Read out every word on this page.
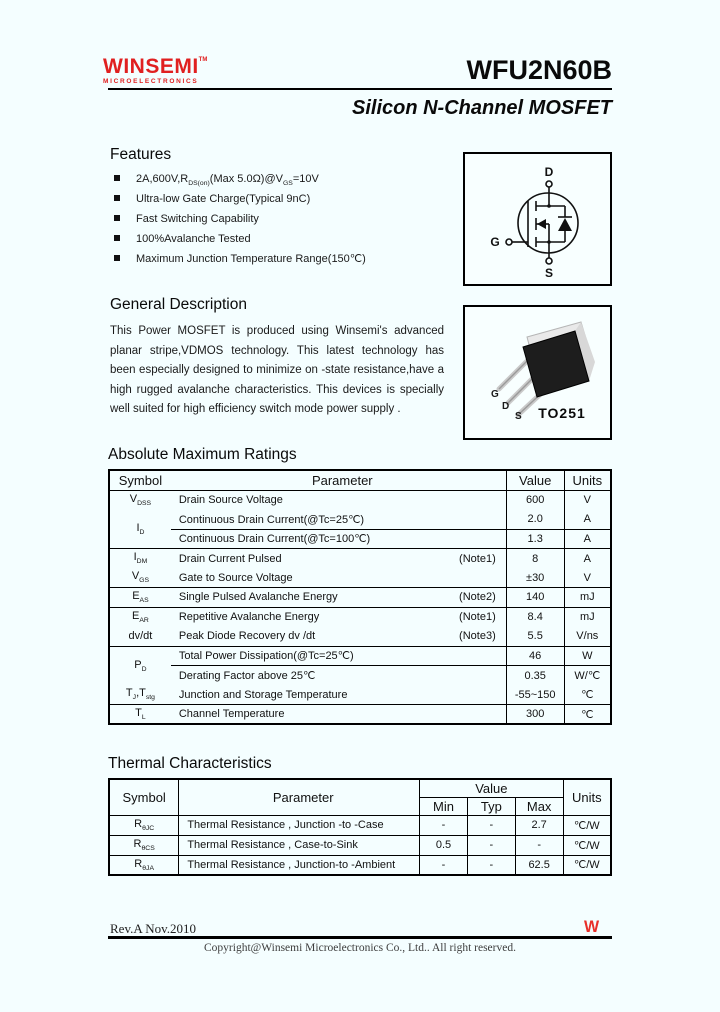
WINSEMI™
MICROELECTRONICS	WFU2N60B
Silicon N-Channel MOSFET
Features
$2A,600V,R_{DS(on)}(Max$ $5.0\Omega)@V_{GS}=10V$
Ultra-low Gate Charge(Typical 9nC)
Fast Switching Capability
100%Avalanche Tested
Maximum Junction Temperature Range(150℃)
D
G
S
General Description

This Power MOSFET is produced using Winsemi's advanced planar stripe,VDMOS technology. This latest technology has been especially designed to minimize on -state resistance,have a high rugged avalanche characteristics. This devices is specially well suited for high efficiency switch mode power supply .

G
D
S TO251
Absolute Maximum Ratings
Symbol	Parameter	Value	Units
$V_{DSS}$	Drain Source Voltage	600	V
$I_D$	Continuous Drain Current(@Tc=25℃)	2.0	A
	Continuous Drain Current(@Tc=100℃)	1.3	A
$I_{DM}$	Drain Current Pulsed (Note1)	8	A
$V_{GS}$	Gate to Source Voltage	±30	V
$E_{AS}$	Single Pulsed Avalanche Energy (Note2)	140	mJ
$E_{AR}$	Repetitive Avalanche Energy (Note1)	8.4	mJ
dv/dt	Peak Diode Recovery dv /dt (Note3)	5.5	V/ns
$P_D$	Total Power Dissipation(@Tc=25℃)	46	W
	Derating Factor above 25℃	0.35	W/℃
$T_J,T_{stg}$	Junction and Storage Temperature	-55~150	℃
$T_L$	Channel Temperature	300	℃
Thermal Characteristics
Symbol	Parameter	Value			Units
		Min	Typ	Max	
$R_{\theta JC}$	Thermal Resistance , Junction -to -Case	-	-	2.7	℃/W
$R_{\theta CS}$	Thermal Resistance , Case-to-Sink	0.5	-	-	℃/W
$R_{\theta JA}$	Thermal Resistance , Junction-to -Ambient	-	-	62.5	℃/W
Rev.A Nov.2010	W
Copyright@Winsemi Microelectronics Co., Ltd.. All right reserved.
